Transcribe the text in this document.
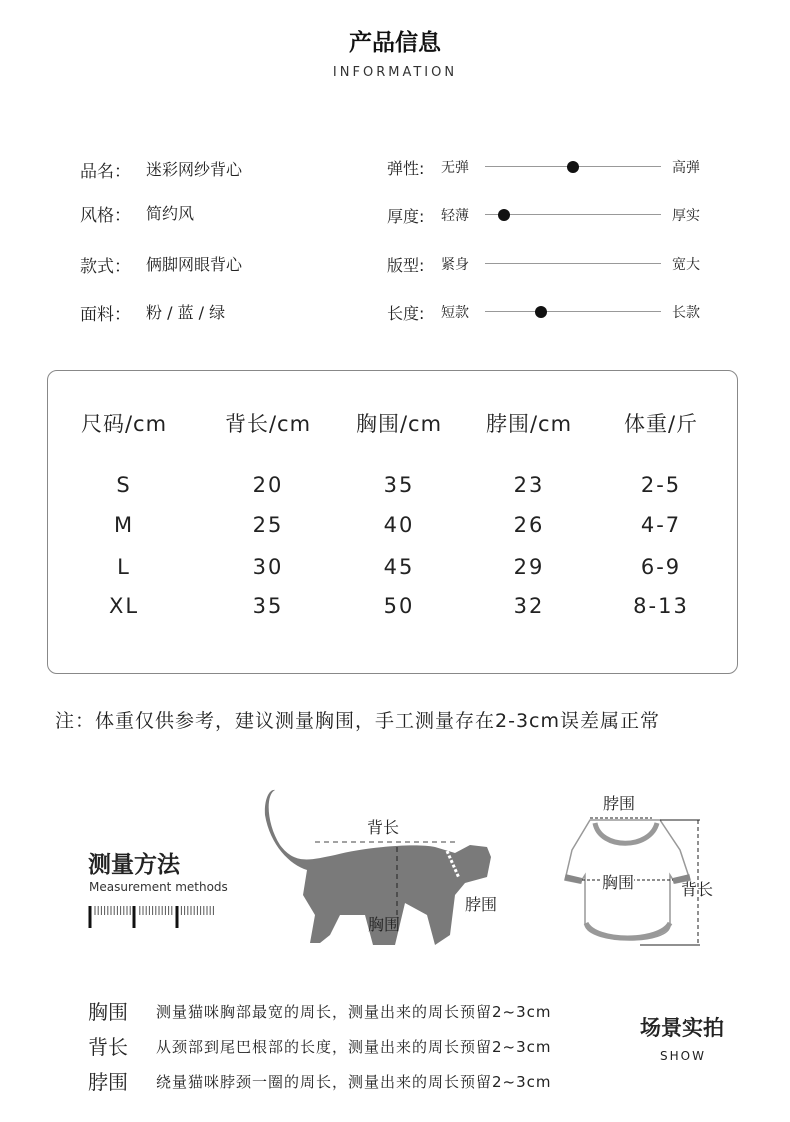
产品信息
INFORMATION
品名： 迷彩网纱背心
风格： 简约风
款式： 俩脚网眼背心
面料： 粉 / 蓝 / 绿
弹性: 无弹	高弹
厚度: 轻薄	厚实
版型: 紧身	宽大
长度: 短款	长款
尺码/cm	背长/cm	胸围/cm	脖围/cm	体重/斤
S	20	35	23	2-5
M	25	40	26	4-7
L	30	45	29	6-9
XL	35	50	32	8-13
注：体重仅供参考，建议测量胸围，手工测量存在2-3cm误差属正常
测量方法
Measurement methods
背长
胸围
脖围
脖围
胸围	背长
胸围 测量猫咪胸部最宽的周长，测量出来的周长预留2~3cm
背长 从颈部到尾巴根部的长度，测量出来的周长预留2~3cm
脖围 绕量猫咪脖颈一圈的周长，测量出来的周长预留2~3cm
场景实拍
SHOW
